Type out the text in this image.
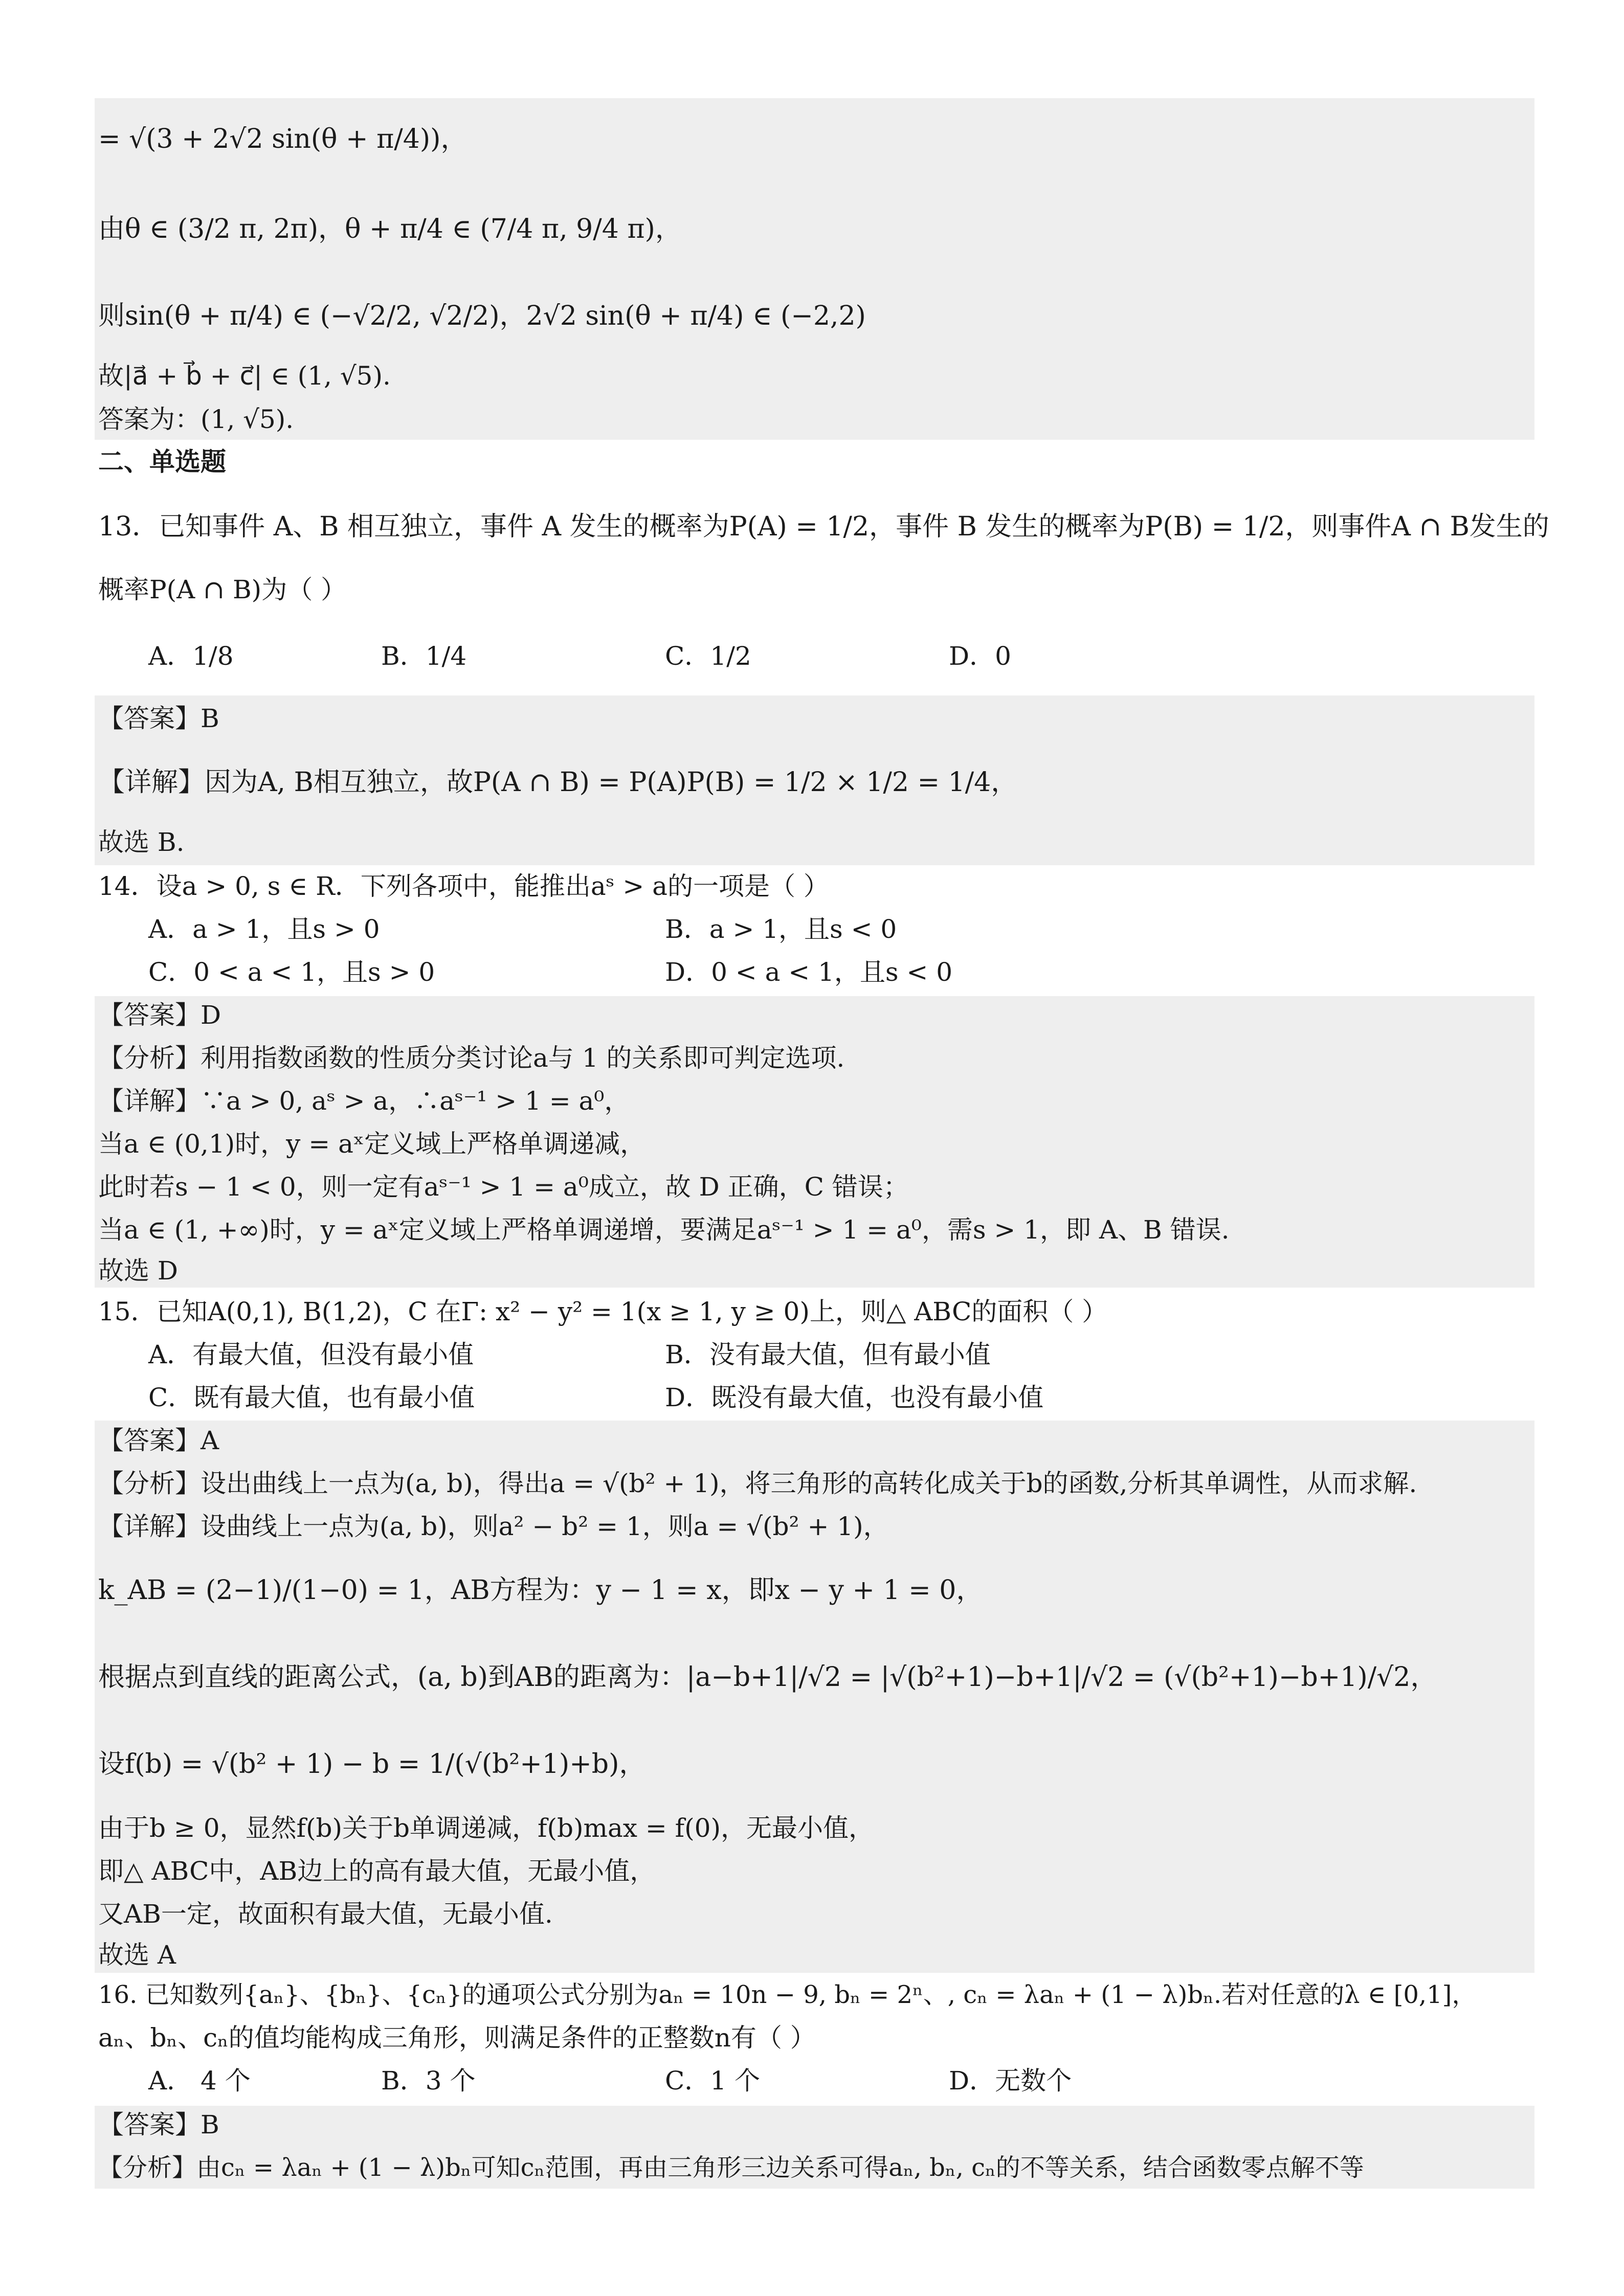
= √(3 + 2√2 sin(θ + π/4))，
由θ ∈ (3/2 π, 2π)，θ + π/4 ∈ (7/4 π, 9/4 π)，
则sin(θ + π/4) ∈ (−√2/2, √2/2)，2√2 sin(θ + π/4) ∈ (−2,2)
故|a⃗ + b⃗ + c⃗| ∈ (1, √5).
答案为：(1, √5).
二、单选题
13．已知事件 A、B 相互独立，事件 A 发生的概率为P(A) = 1/2，事件 B 发生的概率为P(B) = 1/2，则事件A ∩ B发生的
概率P(A ∩ B)为（ ）
A．1/8	B．1/4	C．1/2	D．0
【答案】B
【详解】因为A, B相互独立，故P(A ∩ B) = P(A)P(B) = 1/2 × 1/2 = 1/4，
故选 B.
14．设a > 0, s ∈ R．下列各项中，能推出aˢ > a的一项是（ ）
A．a > 1，且s > 0	B．a > 1，且s < 0
C．0 < a < 1，且s > 0	D．0 < a < 1，且s < 0
【答案】D
【分析】利用指数函数的性质分类讨论a与 1 的关系即可判定选项.
【详解】∵a > 0, aˢ > a，∴aˢ⁻¹ > 1 = a⁰，
当a ∈ (0,1)时，y = aˣ定义域上严格单调递减，
此时若s − 1 < 0，则一定有aˢ⁻¹ > 1 = a⁰成立，故 D 正确，C 错误；
当a ∈ (1, +∞)时，y = aˣ定义域上严格单调递增，要满足aˢ⁻¹ > 1 = a⁰，需s > 1，即 A、B 错误.
故选 D
15．已知A(0,1), B(1,2)，C 在Γ: x² − y² = 1(x ≥ 1, y ≥ 0)上，则△ ABC的面积（ ）
A．有最大值，但没有最小值	B．没有最大值，但有最小值
C．既有最大值，也有最小值	D．既没有最大值，也没有最小值
【答案】A
【分析】设出曲线上一点为(a, b)，得出a = √(b² + 1)，将三角形的高转化成关于b的函数,分析其单调性，从而求解.
【详解】设曲线上一点为(a, b)，则a² − b² = 1，则a = √(b² + 1)，
k_AB = (2−1)/(1−0) = 1，AB方程为：y − 1 = x，即x − y + 1 = 0，
根据点到直线的距离公式，(a, b)到AB的距离为：|a−b+1|/√2 = |√(b²+1)−b+1|/√2 = (√(b²+1)−b+1)/√2，
设f(b) = √(b² + 1) − b = 1/(√(b²+1)+b)，
由于b ≥ 0，显然f(b)关于b单调递减，f(b)max = f(0)，无最小值，
即△ ABC中，AB边上的高有最大值，无最小值，
又AB一定，故面积有最大值，无最小值.
故选 A
16. 已知数列{aₙ}、{bₙ}、{cₙ}的通项公式分别为aₙ = 10n − 9, bₙ = 2ⁿ、, cₙ = λaₙ + (1 − λ)bₙ.若对任意的λ ∈ [0,1]，
aₙ、bₙ、cₙ的值均能构成三角形，则满足条件的正整数n有（ ）
A． 4 个	B．3 个	C．1 个	D．无数个
【答案】B
【分析】由cₙ = λaₙ + (1 − λ)bₙ可知cₙ范围，再由三角形三边关系可得aₙ, bₙ, cₙ的不等关系，结合函数零点解不等
